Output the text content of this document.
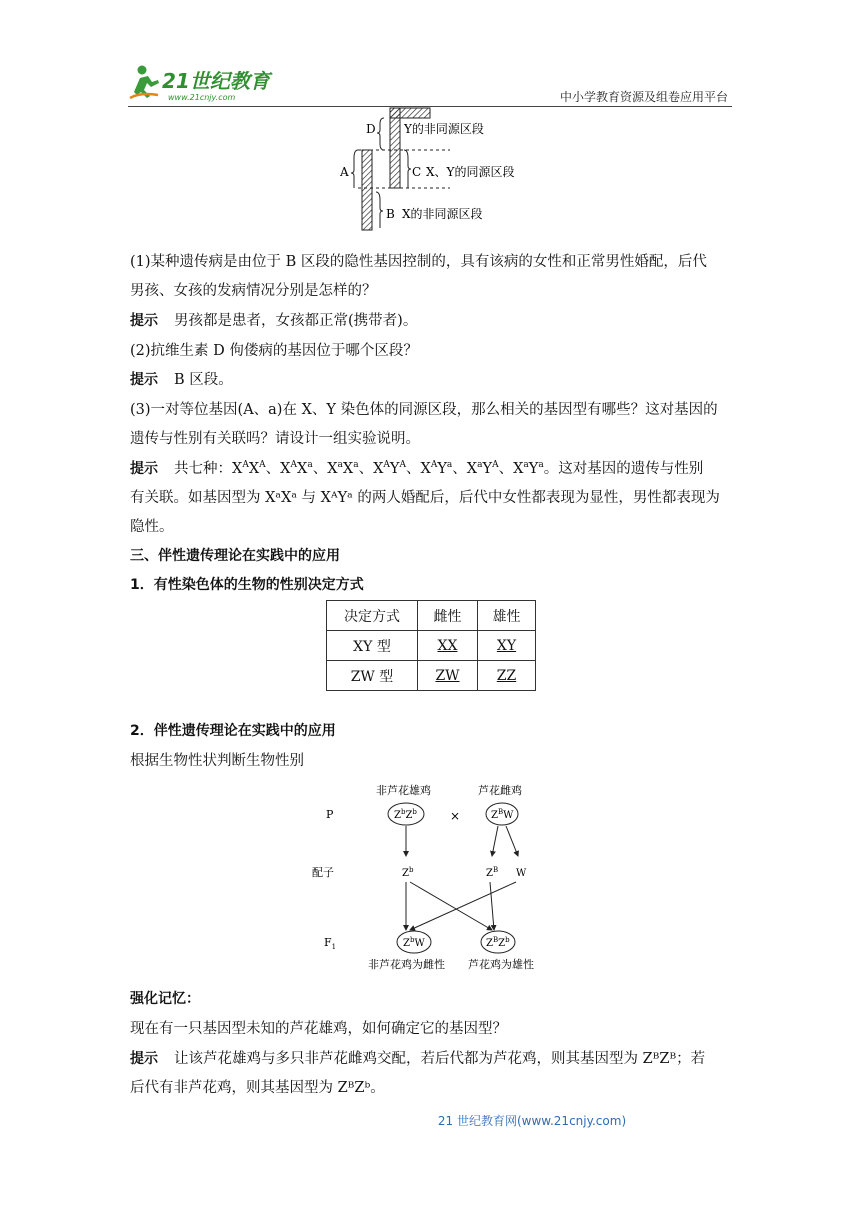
21世纪教育
www.21cnjy.com	中小学教育资源及组卷应用平台
D Y的非同源区段
A	C X、Y的同源区段
B X的非同源区段
(1)某种遗传病是由位于 B 区段的隐性基因控制的，具有该病的女性和正常男性婚配，后代
男孩、女孩的发病情况分别是怎样的？
提示 男孩都是患者，女孩都正常(携带者)。
(2)抗维生素 D 佝偻病的基因位于哪个区段？
提示 B 区段。
(3)一对等位基因(A、a)在 X、Y 染色体的同源区段，那么相关的基因型有哪些？这对基因的
遗传与性别有关联吗？请设计一组实验说明。
提示 共七种：$X^AX^A$、$X^AX^a$、$X^aX^a$、$X^AY^A$、$X^AY^a$、$X^aY^A$、$X^aY^a$。这对基因的遗传与性别
有关联。如基因型为 XᵃXᵃ 与 XᴬYᵃ 的两人婚配后，后代中女性都表现为显性，男性都表现为
隐性。
三、伴性遗传理论在实践中的应用
1．有性染色体的生物的性别决定方式
决定方式	雌性	雄性
XY 型	XX	XY
ZW 型	ZW	ZZ
2．伴性遗传理论在实践中的应用
根据生物性状判断生物性别
非芦花雄鸡	芦花雌鸡
P	$Z^bZ^b$	×	$Z^BW$
配子	$Z^b$	$Z^B$ W
$F_1$	$Z^bW$	$Z^BZ^b$
非芦花鸡为雌性 芦花鸡为雄性
强化记忆：
现在有一只基因型未知的芦花雄鸡，如何确定它的基因型？
提示 让该芦花雄鸡与多只非芦花雌鸡交配，若后代都为芦花鸡，则其基因型为 ZᴮZᴮ；若
后代有非芦花鸡，则其基因型为 ZᴮZᵇ。
21 世纪教育网(www.21cnjy.com)
